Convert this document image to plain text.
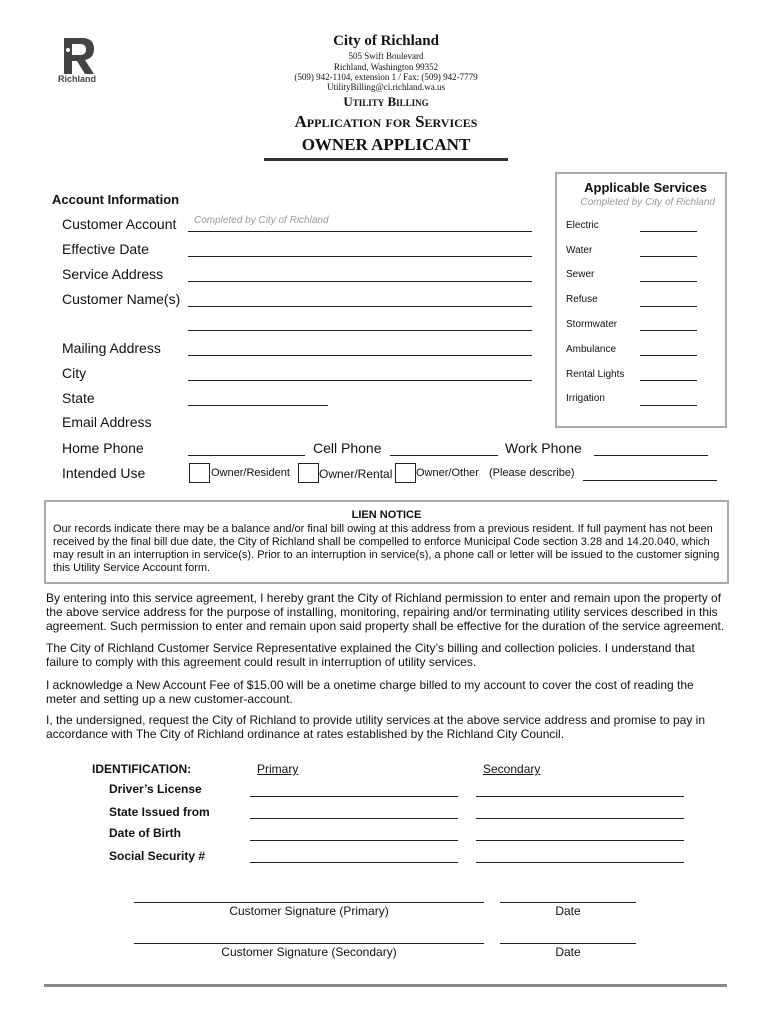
Richland
City of Richland
505 Swift Boulevard
Richland, Washington 99352
(509) 942-1104, extension 1 / Fax: (509) 942-7779
UtilityBilling@ci.richland.wa.us
Utility Billing
Application for Services
OWNER APPLICANT
Account Information
Customer Account Completed by City of Richland
Effective Date
Service Address
Customer Name(s)
Mailing Address
City
State
Email Address
Home Phone	Cell Phone	Work Phone
Intended Use	Owner/Resident Owner/Rental Owner/Other (Please describe)
Applicable Services
Completed by City of Richland
Electric
Water
Sewer
Refuse
Stormwater
Ambulance
Rental Lights
Irrigation
LIEN NOTICE
Our records indicate there may be a balance and/or final bill owing at this address from a previous resident. If full payment has not been received by the final bill due date, the City of Richland shall be compelled to enforce Municipal Code section 3.28 and 14.20.040, which may result in an interruption in service(s). Prior to an interruption in service(s), a phone call or letter will be issued to the customer signing this Utility Service Account form.
By entering into this service agreement, I hereby grant the City of Richland permission to enter and remain upon the property of the above service address for the purpose of installing, monitoring, repairing and/or terminating utility services described in this agreement. Such permission to enter and remain upon said property shall be effective for the duration of the service agreement.
The City of Richland Customer Service Representative explained the City’s billing and collection policies. I understand that failure to comply with this agreement could result in interruption of utility services.
I acknowledge a New Account Fee of $15.00 will be a onetime charge billed to my account to cover the cost of reading the meter and setting up a new customer-account.
I, the undersigned, request the City of Richland to provide utility services at the above service address and promise to pay in accordance with The City of Richland ordinance at rates established by the Richland City Council.
IDENTIFICATION:	Primary	Secondary
Driver’s License
State Issued from
Date of Birth
Social Security #
Customer Signature (Primary)	Date
Customer Signature (Secondary)	Date
